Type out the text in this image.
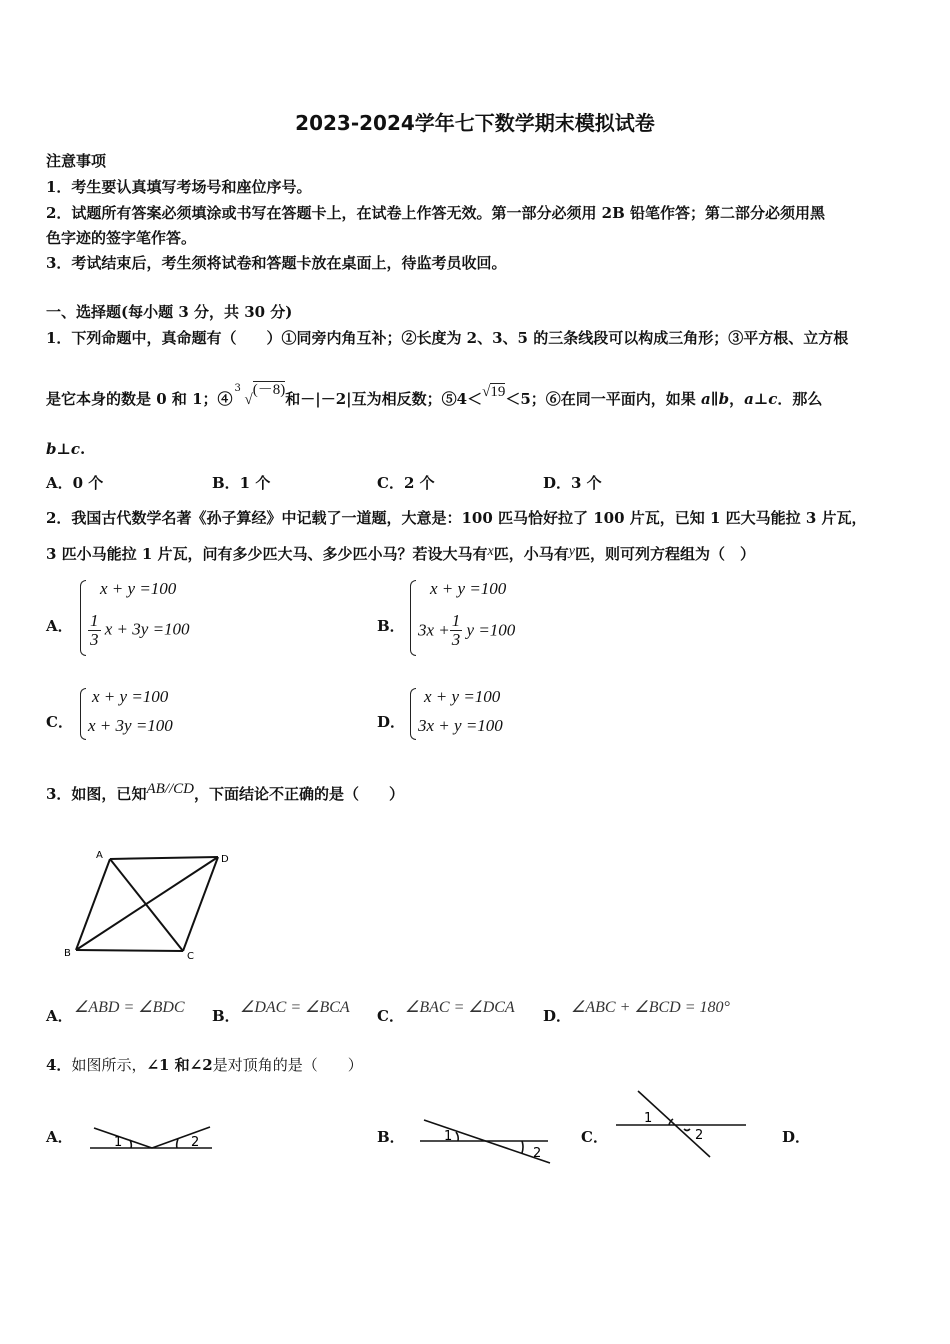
2023-2024学年七下数学期末模拟试卷
注意事项
1．考生要认真填写考场号和座位序号。
2．试题所有答案必须填涂或书写在答题卡上，在试卷上作答无效。第一部分必须用 2B 铅笔作答；第二部分必须用黑
色字迹的签字笔作答。
3．考试结束后，考生须将试卷和答题卡放在桌面上，待监考员收回。
一、选择题(每小题 3 分，共 30 分)
1．下列命题中，真命题有（　　）①同旁内角互补；②长度为 2、3、5 的三条线段可以构成三角形；③平方根、立方根
是它本身的数是 0 和 1；④
3
√(－8)和－|－2|互为相反数；⑤4＜√19＜5；⑥在同一平面内，如果 a∥b，a⊥c．那么
b⊥c.
A．0 个	B．1 个	C．2 个	D．3 个
2．我国古代数学名著《孙子算经》中记载了一道题，大意是：100 匹马恰好拉了 100 片瓦，已知 1 匹大马能拉 3 片瓦，
3 匹小马能拉 1 片瓦，问有多少匹大马、多少匹小马？若设大马有x匹，小马有y匹，则可列方程组为（　）
A．
x + y =100
$\frac{1}{3}$ x + 3y =100	B．
x + y =100
$3x + \frac{1}{3}$ y =100
C．
x + y =100
x + 3y =100	D．
x + y =100
3x + y =100
3．如图，已知AB//CD，下面结论不正确的是（　　）
A	D
B	C
A． ∠ABD = ∠BDC B． ∠DAC = ∠BCA C． ∠BAC = ∠DCA D． ∠ABC + ∠BCD = 180°
4．如图所示，∠1 和∠2是对顶角的是（　　）
A．	1	2	B．	1
2
C．
1
2	D．
